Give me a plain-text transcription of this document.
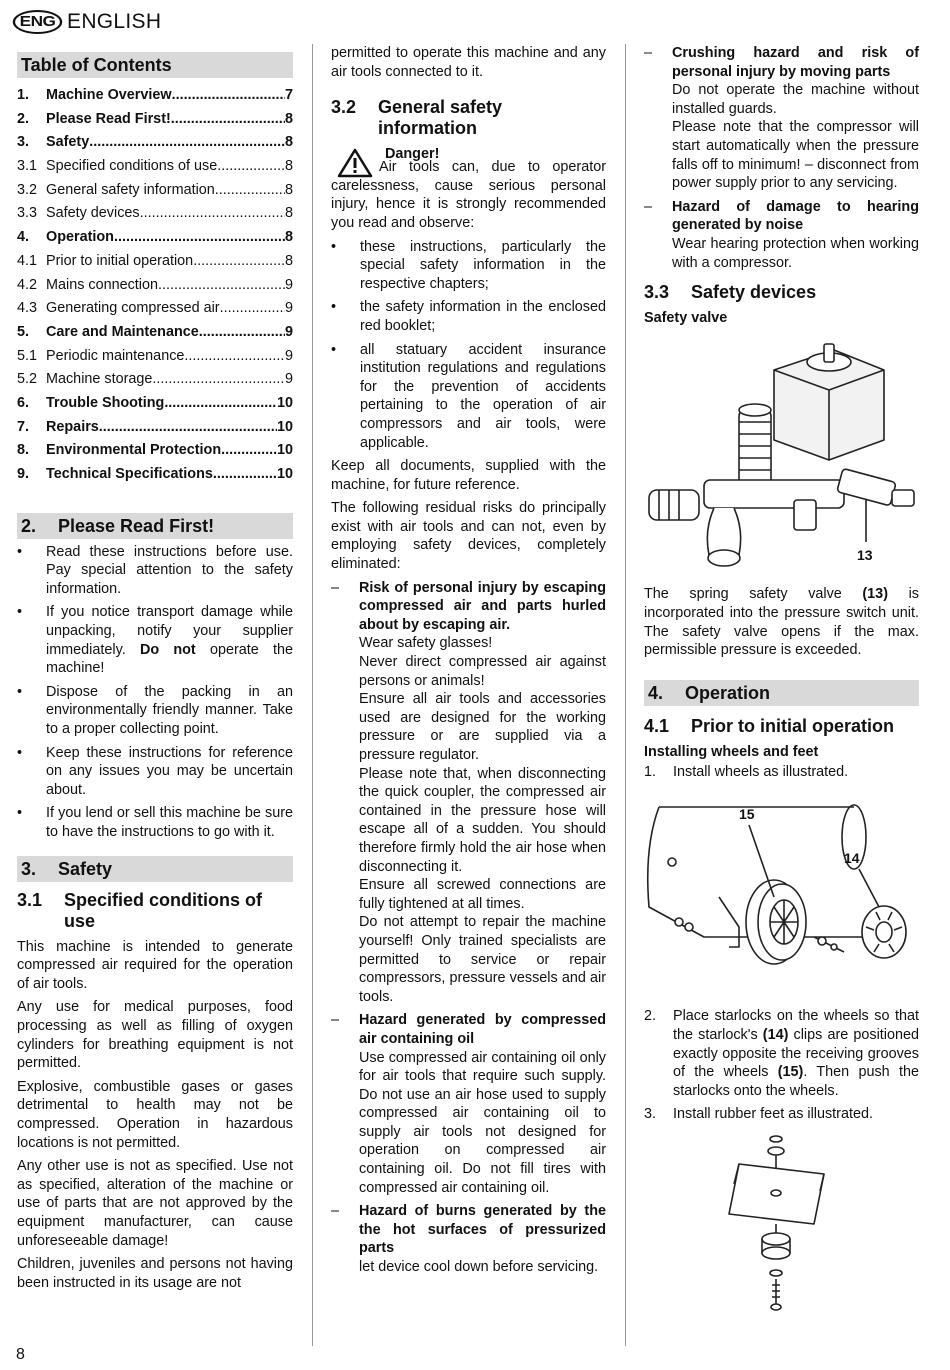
ENG ENGLISH
Table of Contents
1.	Machine Overview .....	7
2.	Please Read First! .....	8
3.	Safety .....	8
3.1 Specified conditions of use .....	8
3.2 General safety information .....	8
3.3 Safety devices .....	8
4.	Operation .....	8
4.1 Prior to initial operation .....	8
4.2 Mains connection .....	9
4.3 Generating compressed air .....	9
5.	Care and Maintenance .....	9
5.1 Periodic maintenance .....	9
5.2 Machine storage .....	9
6.	Trouble Shooting .....	10
7.	Repairs .....	10
8.	Environmental Protection .....	10
9.	Technical Specifications .....	10
2.	Please Read First!
•	Read these instructions before use. Pay special attention to the safety information.
•	If you notice transport damage while unpacking, notify your supplier immediately. Do not operate the machine!
•	Dispose of the packing in an environmentally friendly manner. Take to a proper collecting point.
•	Keep these instructions for reference on any issues you may be uncertain about.
•	If you lend or sell this machine be sure to have the instructions to go with it.
3.	Safety
3.1	Specified conditions of use

This machine is intended to generate compressed air required for the operation of air tools.

Any use for medical purposes, food processing as well as filling of oxygen cylinders for breathing equipment is not permitted.

Explosive, combustible gases or gases detrimental to health may not be compressed. Operation in hazardous locations is not permitted.

Any other use is not as specified. Use not as specified, alteration of the machine or use of parts that are not approved by the equipment manufacturer, can cause unforeseeable damage!

Children, juveniles and persons not having been instructed in its usage are not

permitted to operate this machine and any air tools connected to it.

3.2	General safety information
Danger!

Air tools can, due to operator carelessness, cause serious personal injury, hence it is strongly recommended you read and observe:

•	these instructions, particularly the special safety information in the respective chapters;
•	the safety information in the enclosed red booklet;
•	all statuary accident insurance institution regulations and regulations for the prevention of accidents pertaining to the operation of air compressors and air tools, were applicable.

Keep all documents, supplied with the machine, for future reference.

The following residual risks do principally exist with air tools and can not, even by employing safety devices, completely eliminated:

–	Risk of personal injury by escaping compressed air and parts hurled about by escaping air.

Wear safety glasses!

Never direct compressed air against persons or animals!

Ensure all air tools and accessories used are designed for the working pressure or are supplied via a pressure regulator.

Please note that, when disconnecting the quick coupler, the compressed air contained in the pressure hose will escape all of a sudden. You should therefore firmly hold the air hose when disconnecting it.

Ensure all screwed connections are fully tightened at all times.

Do not attempt to repair the machine yourself! Only trained specialists are permitted to service or repair compressors, pressure vessels and air tools.

–	Hazard generated by compressed air containing oil

Use compressed air containing oil only for air tools that require such supply. Do not use an air hose used to supply compressed air containing oil to supply air tools not designed for operation on compressed air containing oil. Do not fill tires with compressed air containing oil.

–	Hazard of burns generated by the the hot surfaces of pressurized parts

let device cool down before servicing.

–	Crushing hazard and risk of personal injury by moving parts

Do not operate the machine without installed guards.

Please note that the compressor will start automatically when the pressure falls off to minimum! – disconnect from power supply prior to any servicing.

–	Hazard of damage to hearing generated by noise

Wear hearing protection when working with a compressor.

3.3	Safety devices
Safety valve
13

The spring safety valve (13) is incorporated into the pressure switch unit. The safety valve opens if the max. permissible pressure is exceeded.

4.	Operation
4.1	Prior to initial operation
Installing wheels and feet
1.	Install wheels as illustrated.
15
14
2.	Place starlocks on the wheels so that the starlock's (14) clips are positioned exactly opposite the receiving grooves of the wheels (15). Then push the starlocks onto the wheels.
3.	Install rubber feet as illustrated.
8
